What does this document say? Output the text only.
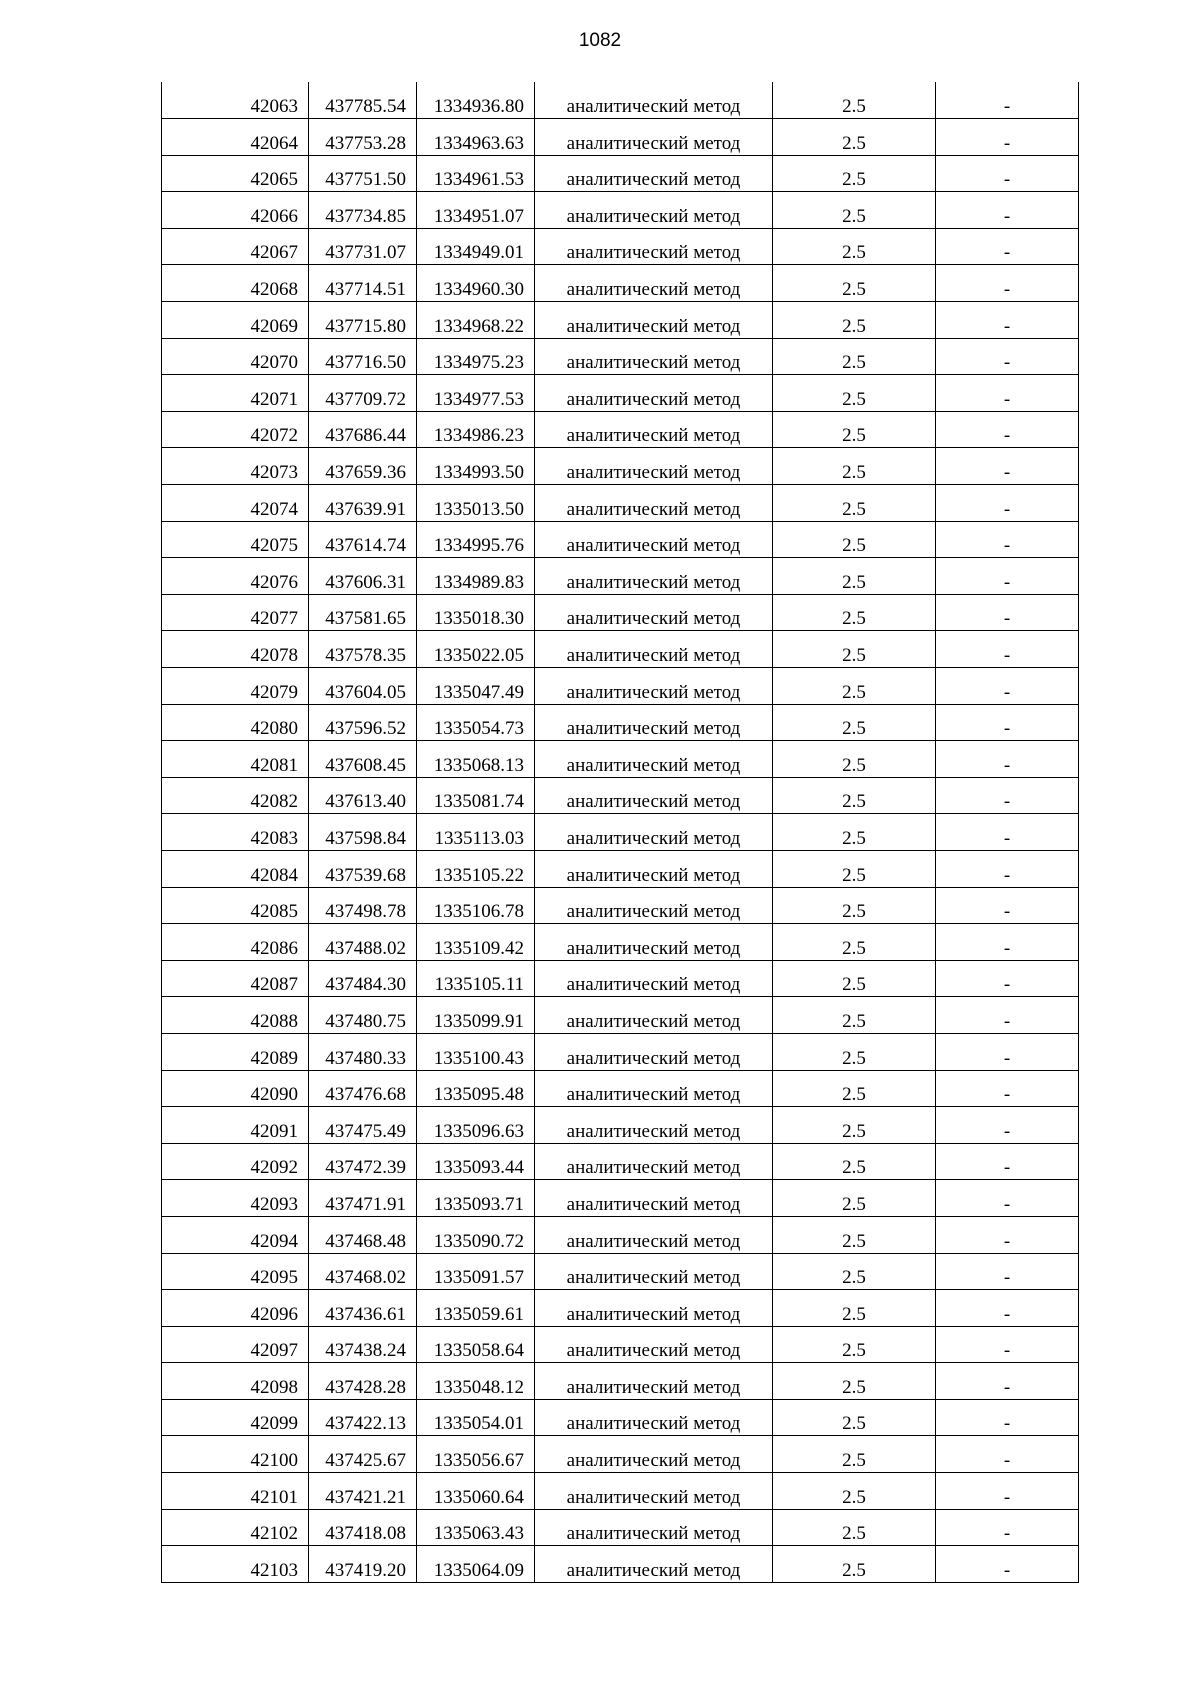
1082
42063	437785.54	1334936.80	аналитический метод	2.5	-
42064	437753.28	1334963.63	аналитический метод	2.5	-
42065	437751.50	1334961.53	аналитический метод	2.5	-
42066	437734.85	1334951.07	аналитический метод	2.5	-
42067	437731.07	1334949.01	аналитический метод	2.5	-
42068	437714.51	1334960.30	аналитический метод	2.5	-
42069	437715.80	1334968.22	аналитический метод	2.5	-
42070	437716.50	1334975.23	аналитический метод	2.5	-
42071	437709.72	1334977.53	аналитический метод	2.5	-
42072	437686.44	1334986.23	аналитический метод	2.5	-
42073	437659.36	1334993.50	аналитический метод	2.5	-
42074	437639.91	1335013.50	аналитический метод	2.5	-
42075	437614.74	1334995.76	аналитический метод	2.5	-
42076	437606.31	1334989.83	аналитический метод	2.5	-
42077	437581.65	1335018.30	аналитический метод	2.5	-
42078	437578.35	1335022.05	аналитический метод	2.5	-
42079	437604.05	1335047.49	аналитический метод	2.5	-
42080	437596.52	1335054.73	аналитический метод	2.5	-
42081	437608.45	1335068.13	аналитический метод	2.5	-
42082	437613.40	1335081.74	аналитический метод	2.5	-
42083	437598.84	1335113.03	аналитический метод	2.5	-
42084	437539.68	1335105.22	аналитический метод	2.5	-
42085	437498.78	1335106.78	аналитический метод	2.5	-
42086	437488.02	1335109.42	аналитический метод	2.5	-
42087	437484.30	1335105.11	аналитический метод	2.5	-
42088	437480.75	1335099.91	аналитический метод	2.5	-
42089	437480.33	1335100.43	аналитический метод	2.5	-
42090	437476.68	1335095.48	аналитический метод	2.5	-
42091	437475.49	1335096.63	аналитический метод	2.5	-
42092	437472.39	1335093.44	аналитический метод	2.5	-
42093	437471.91	1335093.71	аналитический метод	2.5	-
42094	437468.48	1335090.72	аналитический метод	2.5	-
42095	437468.02	1335091.57	аналитический метод	2.5	-
42096	437436.61	1335059.61	аналитический метод	2.5	-
42097	437438.24	1335058.64	аналитический метод	2.5	-
42098	437428.28	1335048.12	аналитический метод	2.5	-
42099	437422.13	1335054.01	аналитический метод	2.5	-
42100	437425.67	1335056.67	аналитический метод	2.5	-
42101	437421.21	1335060.64	аналитический метод	2.5	-
42102	437418.08	1335063.43	аналитический метод	2.5	-
42103	437419.20	1335064.09	аналитический метод	2.5	-
